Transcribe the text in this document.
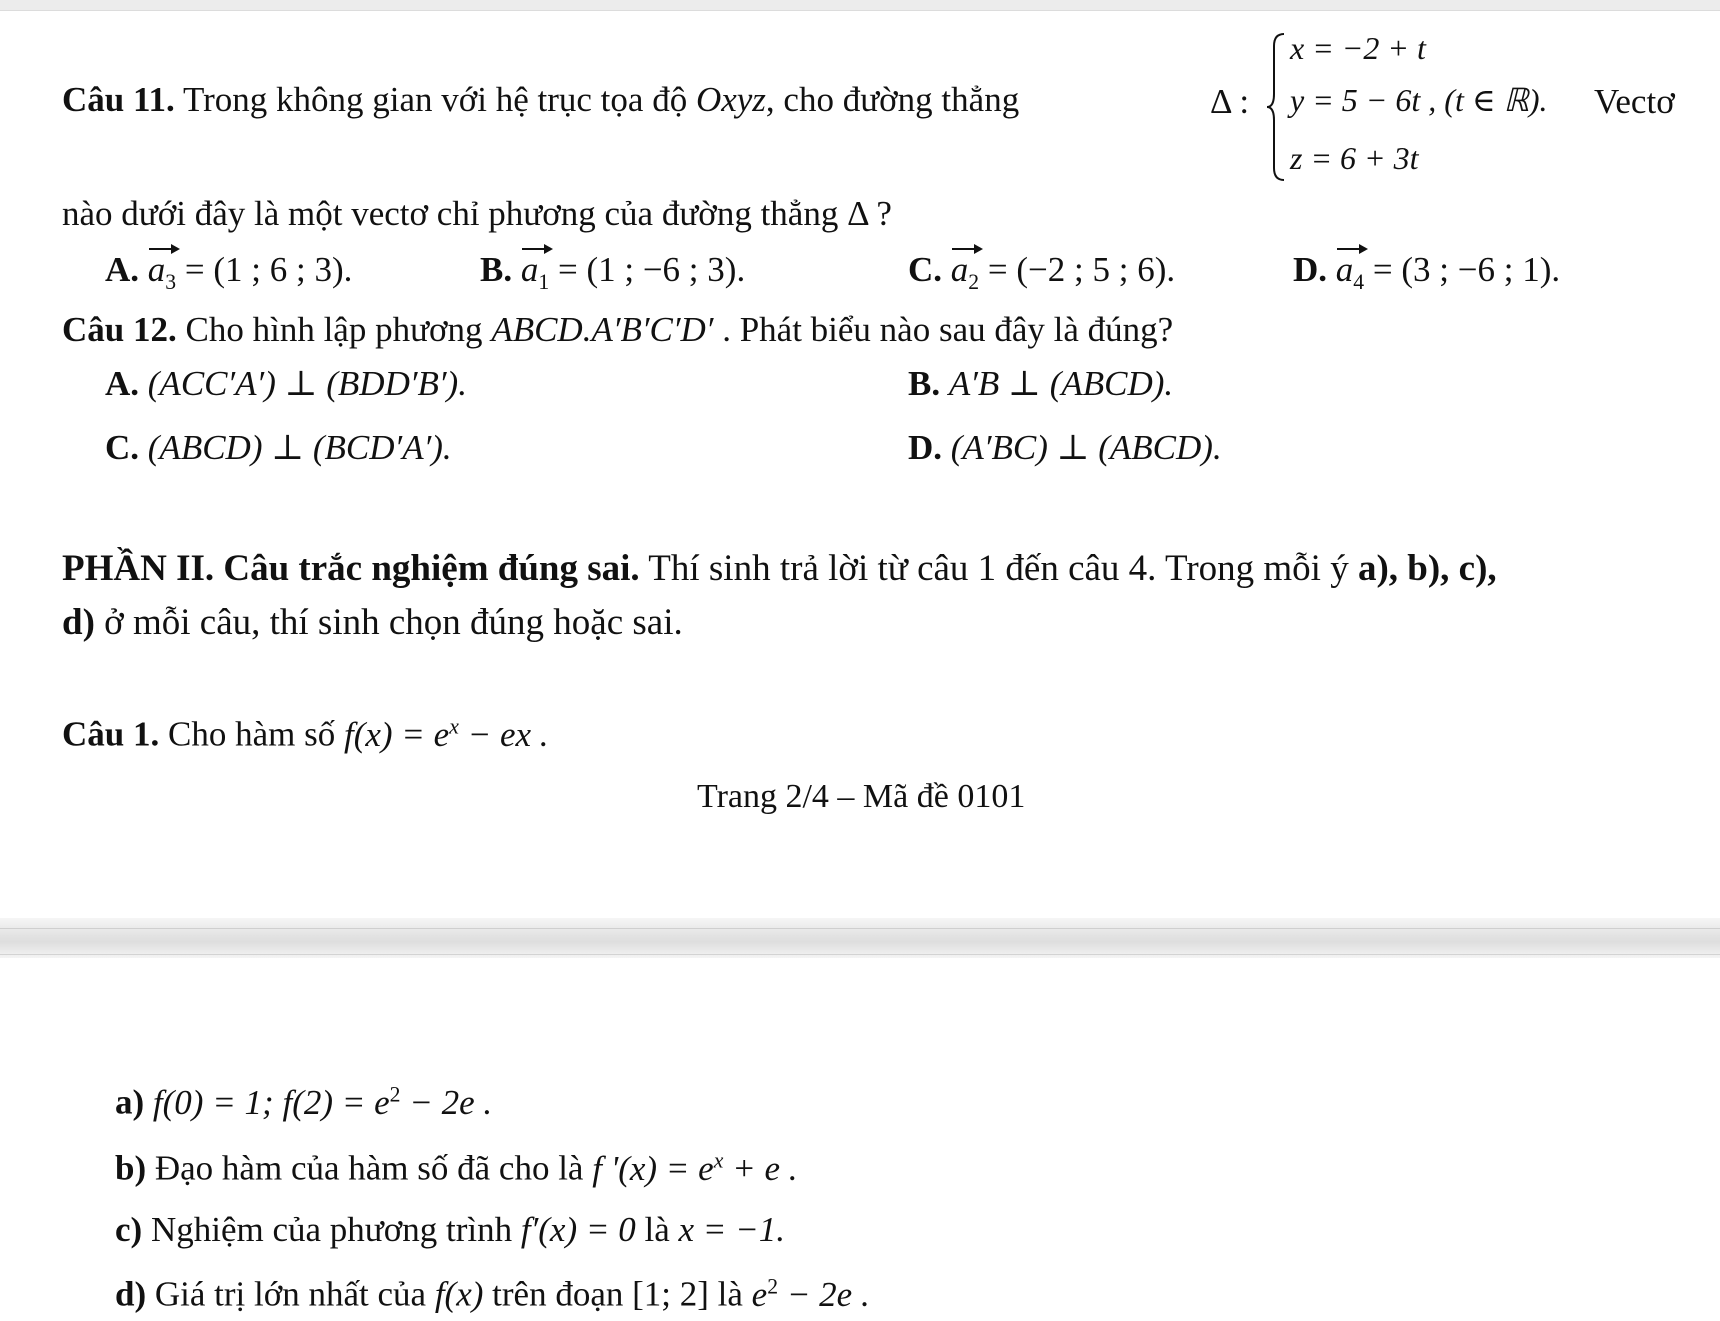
Câu 11. Trong không gian với hệ trục tọa độ Oxyz, cho đường thẳng	Δ :
x = −2 + t
y = 5 − 6t , (t ∈ ℝ).
z = 6 + 3t
Vectơ
nào dưới đây là một vectơ chỉ phương của đường thẳng Δ ?
A. $a_3 = (1$ ; 6 ; 3).	B. $a_1 = (1$ ; −6 ; 3).	C. $a_2 = (-2$ ; 5 ; 6).	D. $a_4 = (3$ ; −6 ; 1).
Câu 12. Cho hình lập phương ABCD.A′B′C′D′ . Phát biểu nào sau đây là đúng?
A. (ACC′A′) ⊥ (BDD′B′).	B. A′B ⊥ (ABCD).
C. (ABCD) ⊥ (BCD′A′).	D. (A′BC) ⊥ (ABCD).
PHẦN II. Câu trắc nghiệm đúng sai. Thí sinh trả lời từ câu 1 đến câu 4. Trong mỗi ý a), b), c),
d) ở mỗi câu, thí sinh chọn đúng hoặc sai.
Câu 1. Cho hàm số $f(x) = e^x$ − ex .
Trang 2/4 – Mã đề 0101
a) f(0) = 1; $f(2) = e^2 - 2e$ .
b) Đạo hàm của hàm số đã cho là f '$(x) = e^x + e$ .
c) Nghiệm của phương trình f′(x) = 0 là x = −1.
d) Giá trị lớn nhất của f(x) trên đoạn [1; 2] là $e^2 - 2e$ .
